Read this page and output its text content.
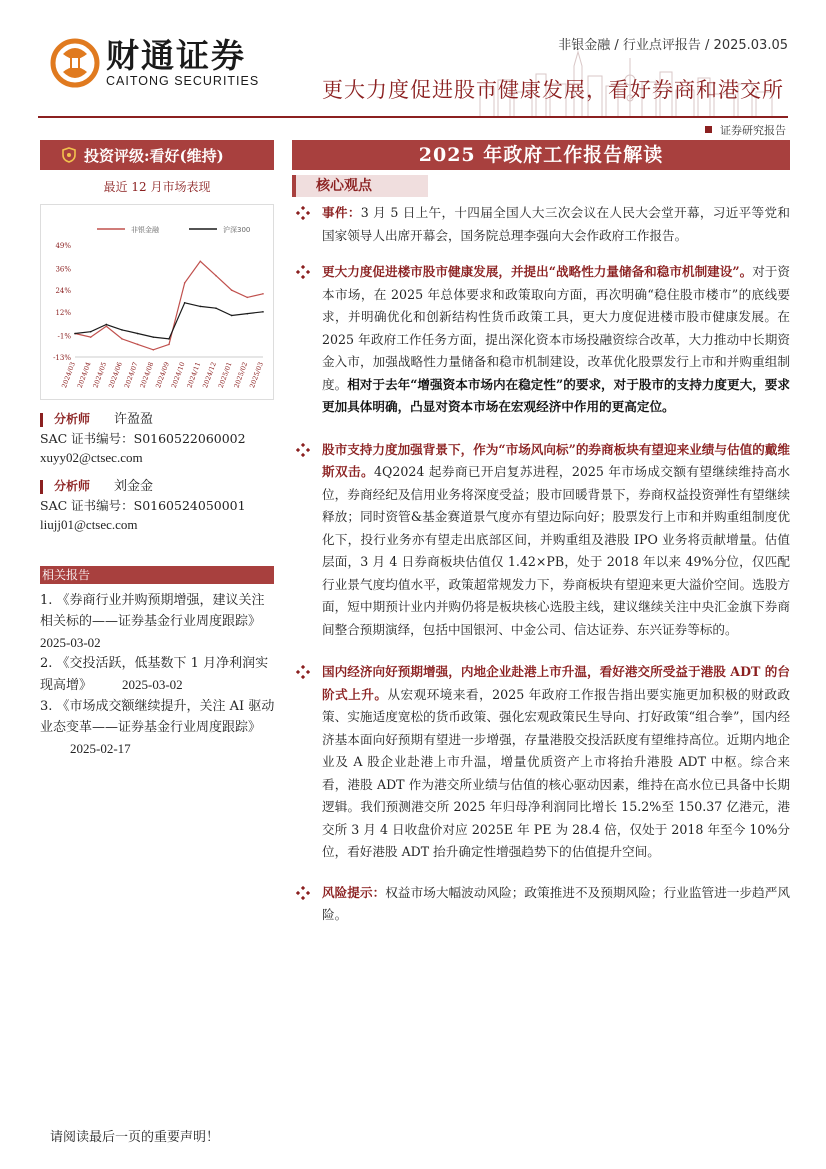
财通证券
CAITONG SECURITIES
非银金融 / 行业点评报告 / 2025.03.05
更大力度促进股市健康发展，看好券商和港交所
证券研究报告
投资评级:看好(维持)
最近 12 月市场表现
非银金融	沪深300
49%
36%
24%
12%
-1%
-13%
2024/03
2024/04
2024/05
2024/06
2024/07
2024/08
2024/09
2024/10
2024/11
2024/12
2025/01
2025/02
2025/03
分析师 许盈盈
SAC 证书编号：S0160522060002
xuyy02@ctsec.com
分析师 刘金金
SAC 证书编号：S0160524050001
liujj01@ctsec.com
相关报告
1. 《券商行业并购预期增强，建议关注相关标的——证券基金行业周度跟踪》
2025-03-02
2. 《交投活跃，低基数下 1 月净利润实现高增》 2025-03-02
3. 《市场成交额继续提升，关注 AI 驱动业态变革——证券基金行业周度跟踪》2025-02-17
2025 年政府工作报告解读
核心观点
事件：3 月 5 日上午，十四届全国人大三次会议在人民大会堂开幕，习近平等党和国家领导人出席开幕会，国务院总理李强向大会作政府工作报告。
更大力度促进楼市股市健康发展，并提出“战略性力量储备和稳市机制建设”。对于资本市场，在 2025 年总体要求和政策取向方面，再次明确“稳住股市楼市”的底线要求，并明确优化和创新结构性货币政策工具，更大力度促进楼市股市健康发展。在 2025 年政府工作任务方面，提出深化资本市场投融资综合改革，大力推动中长期资金入市，加强战略性力量储备和稳市机制建设，改革优化股票发行上市和并购重组制度。相对于去年“增强资本市场内在稳定性”的要求，对于股市的支持力度更大，要求更加具体明确，凸显对资本市场在宏观经济中作用的更高定位。
股市支持力度加强背景下，作为“市场风向标”的券商板块有望迎来业绩与估值的戴维斯双击。4Q2024 起券商已开启复苏进程，2025 年市场成交额有望继续维持高水位，券商经纪及信用业务将深度受益；股市回暖背景下，券商权益投资弹性有望继续释放；同时资管&基金赛道景气度亦有望边际向好；股票发行上市和并购重组制度优化下，投行业务亦有望走出底部区间，并购重组及港股 IPO 业务将贡献增量。估值层面，3 月 4 日券商板块估值仅 1.42×PB，处于 2018 年以来 49%分位，仅匹配行业景气度均值水平，政策超常规发力下，券商板块有望迎来更大溢价空间。选股方面，短中期预计业内并购仍将是板块核心选股主线，建议继续关注中央汇金旗下券商间整合预期演绎，包括中国银河、中金公司、信达证券、东兴证券等标的。
国内经济向好预期增强，内地企业赴港上市升温，看好港交所受益于港股 ADT 的台阶式上升。从宏观环境来看，2025 年政府工作报告指出要实施更加积极的财政政策、实施适度宽松的货币政策、强化宏观政策民生导向、打好政策“组合拳”，国内经济基本面向好预期有望进一步增强，存量港股交投活跃度有望维持高位。近期内地企业及 A 股企业赴港上市升温，增量优质资产上市将抬升港股 ADT 中枢。综合来看，港股 ADT 作为港交所业绩与估值的核心驱动因素，维持在高水位已具备中长期逻辑。我们预测港交所 2025 年归母净利润同比增长 15.2%至 150.37 亿港元，港交所 3 月 4 日收盘价对应 2025E 年 PE 为 28.4 倍，仅处于 2018 年至今 10%分位，看好港股 ADT 抬升确定性增强趋势下的估值提升空间。
风险提示：权益市场大幅波动风险；政策推进不及预期风险；行业监管进一步趋严风险。
请阅读最后一页的重要声明！
